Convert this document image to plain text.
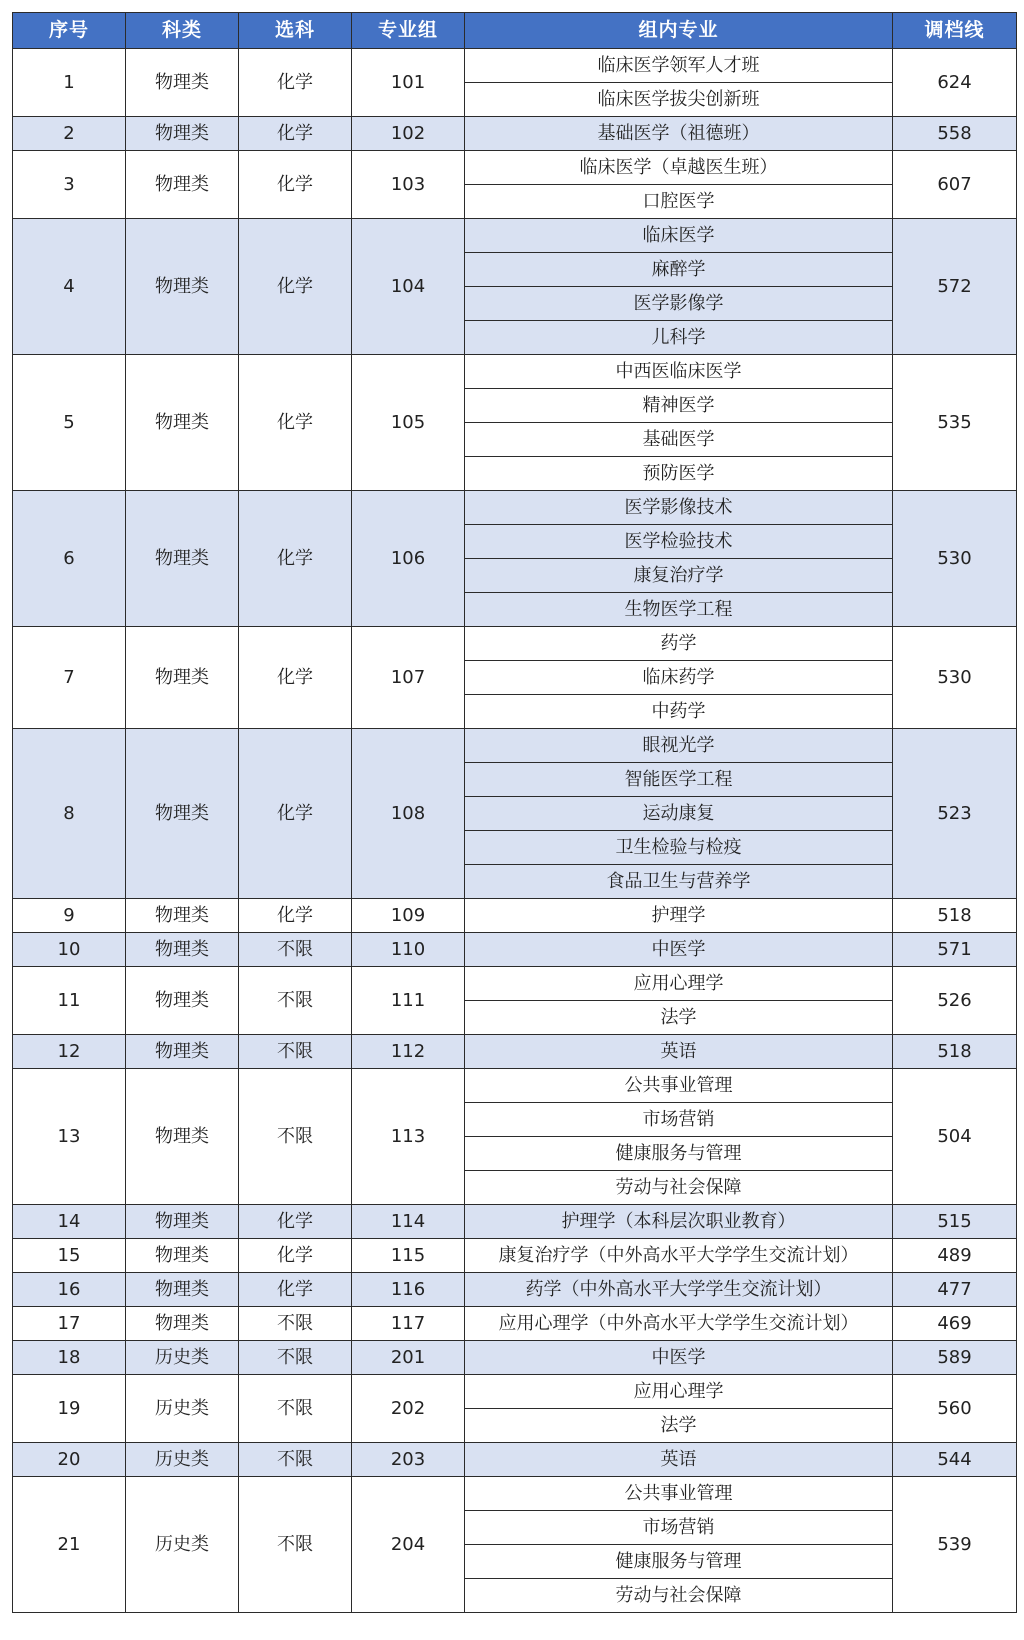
序号	科类	选科	专业组	组内专业	调档线
1	物理类	化学	101	临床医学领军人才班	624
				临床医学拔尖创新班	
2	物理类	化学	102	基础医学（祖德班）	558
3	物理类	化学	103	临床医学（卓越医生班）	607
				口腔医学	
4	物理类	化学	104	临床医学	572
				麻醉学	
				医学影像学	
				儿科学	
5	物理类	化学	105	中西医临床医学	535
				精神医学	
				基础医学	
				预防医学	
6	物理类	化学	106	医学影像技术	530
				医学检验技术	
				康复治疗学	
				生物医学工程	
7	物理类	化学	107	药学	530
				临床药学	
				中药学	
8	物理类	化学	108	眼视光学	523
				智能医学工程	
				运动康复	
				卫生检验与检疫	
				食品卫生与营养学	
9	物理类	化学	109	护理学	518
10	物理类	不限	110	中医学	571
11	物理类	不限	111	应用心理学	526
				法学	
12	物理类	不限	112	英语	518
13	物理类	不限	113	公共事业管理	504
				市场营销	
				健康服务与管理	
				劳动与社会保障	
14	物理类	化学	114	护理学（本科层次职业教育）	515
15	物理类	化学	115	康复治疗学（中外高水平大学学生交流计划）	489
16	物理类	化学	116	药学（中外高水平大学学生交流计划）	477
17	物理类	不限	117	应用心理学（中外高水平大学学生交流计划）	469
18	历史类	不限	201	中医学	589
19	历史类	不限	202	应用心理学	560
				法学	
20	历史类	不限	203	英语	544
21	历史类	不限	204	公共事业管理	539
				市场营销	
				健康服务与管理	
				劳动与社会保障	
